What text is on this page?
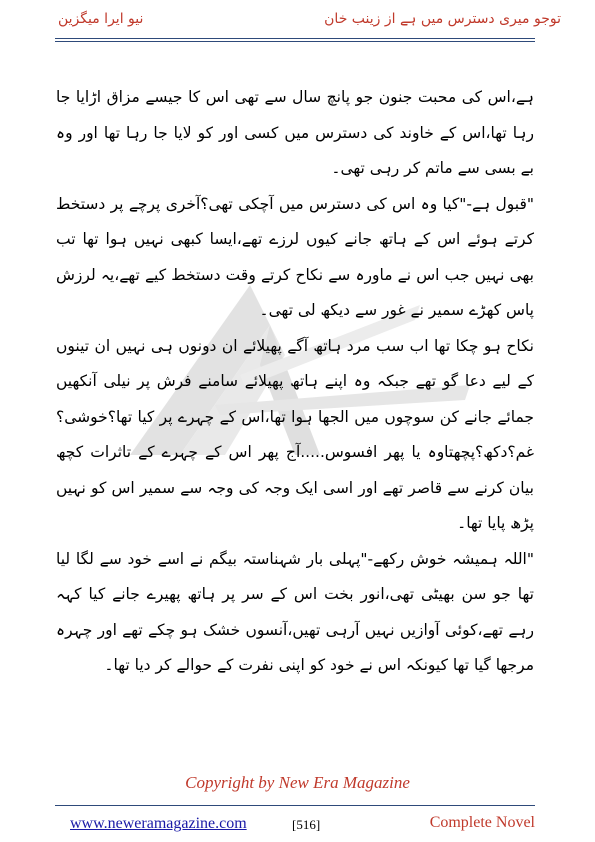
توجو میری دسترس میں ہے از زینب خان
نیو ایرا میگزین

ہے،اس کی محبت جنون جو پانچ سال سے تھی اس کا جیسے مزاق اڑایا جا رہا تھا،اس کے خاوند کی دسترس میں کسی اور کو لایا جا رہا تھا اور وہ بے بسی سے ماتم کر رہی تھی۔

"قبول ہے-"کیا وہ اس کی دسترس میں آچکی تھی؟آخری پرچے پر دستخط کرتے ہوئے اس کے ہاتھ جانے کیوں لرزے تھے،ایسا کبھی نہیں ہوا تھا تب بھی نہیں جب اس نے ماورہ سے نکاح کرتے وقت دستخط کیے تھے،یہ لرزش پاس کھڑے سمیر نے غور سے دیکھ لی تھی۔

نکاح ہو چکا تھا اب سب مرد ہاتھ آگے پھیلائے ان دونوں ہی نہیں ان تینوں کے لیے دعا گو تھے جبکہ وہ اپنے ہاتھ پھیلائے سامنے فرش پر نیلی آنکھیں جمائے جانے کن سوچوں میں الجھا ہوا تھا،اس کے چہرے پر کیا تھا؟خوشی؟غم؟دکھ؟پچھتاوہ یا پھر افسوس.....آج پھر اس کے چہرے کے تاثرات کچھ بیان کرنے سے قاصر تھے اور اسی ایک وجہ کی وجہ سے سمیر اس کو نہیں پڑھ پایا تھا۔

"اللہ ہمیشہ خوش رکھے-"پہلی بار شہناستہ بیگم نے اسے خود سے لگا لیا تھا جو سن بھیٹی تھی،انور بخت اس کے سر پر ہاتھ پھیرے جانے کیا کہہ رہے تھے،کوئی آوازیں نہیں آرہی تھیں،آنسوں خشک ہو چکے تھے اور چہرہ مرجھا گیا تھا کیونکہ اس نے خود کو اپنی نفرت کے حوالے کر دیا تھا۔

Copyright by New Era Magazine
www.neweramagazine.com	[516]	Complete Novel
